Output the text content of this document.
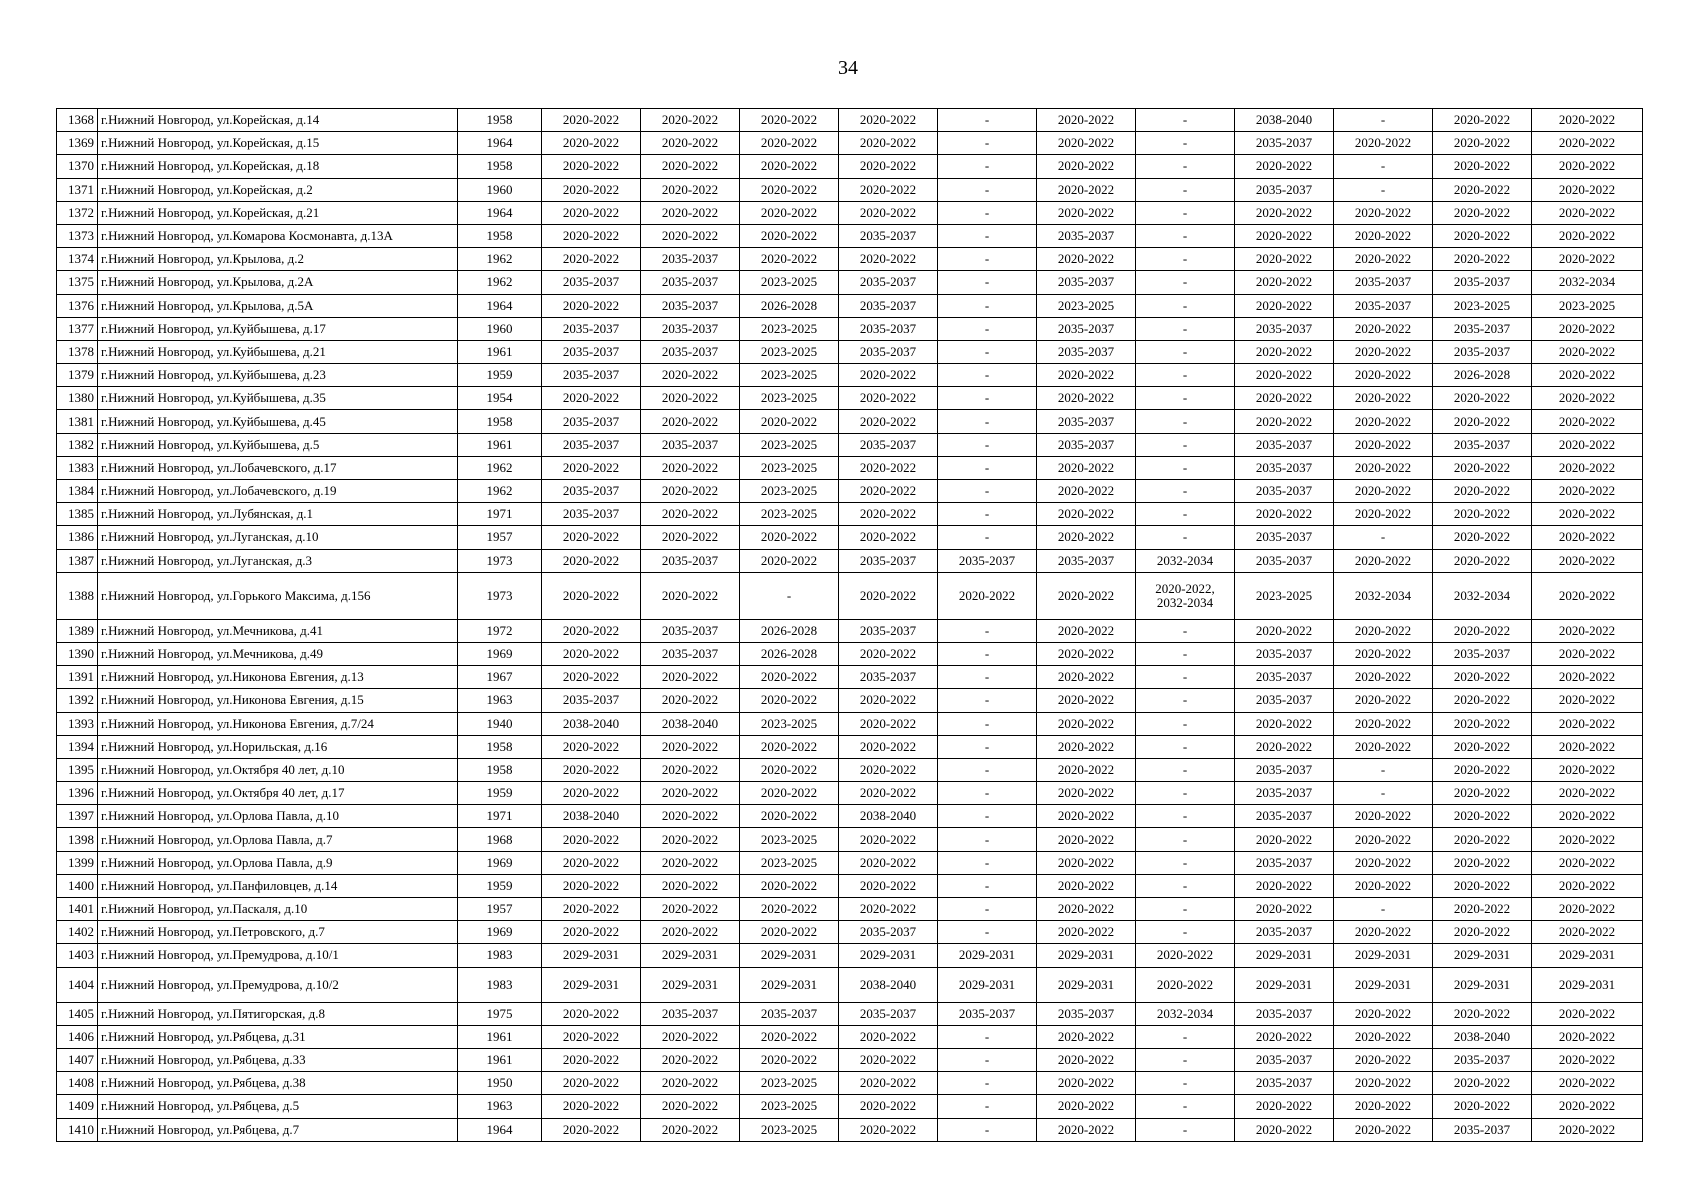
34
1368	г.Нижний Новгород, ул.Корейская, д.14	1958	2020-2022	2020-2022	2020-2022	2020-2022	-	2020-2022	-	2038-2040	-	2020-2022	2020-2022
1369	г.Нижний Новгород, ул.Корейская, д.15	1964	2020-2022	2020-2022	2020-2022	2020-2022	-	2020-2022	-	2035-2037	2020-2022	2020-2022	2020-2022
1370	г.Нижний Новгород, ул.Корейская, д.18	1958	2020-2022	2020-2022	2020-2022	2020-2022	-	2020-2022	-	2020-2022	-	2020-2022	2020-2022
1371	г.Нижний Новгород, ул.Корейская, д.2	1960	2020-2022	2020-2022	2020-2022	2020-2022	-	2020-2022	-	2035-2037	-	2020-2022	2020-2022
1372	г.Нижний Новгород, ул.Корейская, д.21	1964	2020-2022	2020-2022	2020-2022	2020-2022	-	2020-2022	-	2020-2022	2020-2022	2020-2022	2020-2022
1373	г.Нижний Новгород, ул.Комарова Космонавта, д.13А	1958	2020-2022	2020-2022	2020-2022	2035-2037	-	2035-2037	-	2020-2022	2020-2022	2020-2022	2020-2022
1374	г.Нижний Новгород, ул.Крылова, д.2	1962	2020-2022	2035-2037	2020-2022	2020-2022	-	2020-2022	-	2020-2022	2020-2022	2020-2022	2020-2022
1375	г.Нижний Новгород, ул.Крылова, д.2А	1962	2035-2037	2035-2037	2023-2025	2035-2037	-	2035-2037	-	2020-2022	2035-2037	2035-2037	2032-2034
1376	г.Нижний Новгород, ул.Крылова, д.5А	1964	2020-2022	2035-2037	2026-2028	2035-2037	-	2023-2025	-	2020-2022	2035-2037	2023-2025	2023-2025
1377	г.Нижний Новгород, ул.Куйбышева, д.17	1960	2035-2037	2035-2037	2023-2025	2035-2037	-	2035-2037	-	2035-2037	2020-2022	2035-2037	2020-2022
1378	г.Нижний Новгород, ул.Куйбышева, д.21	1961	2035-2037	2035-2037	2023-2025	2035-2037	-	2035-2037	-	2020-2022	2020-2022	2035-2037	2020-2022
1379	г.Нижний Новгород, ул.Куйбышева, д.23	1959	2035-2037	2020-2022	2023-2025	2020-2022	-	2020-2022	-	2020-2022	2020-2022	2026-2028	2020-2022
1380	г.Нижний Новгород, ул.Куйбышева, д.35	1954	2020-2022	2020-2022	2023-2025	2020-2022	-	2020-2022	-	2020-2022	2020-2022	2020-2022	2020-2022
1381	г.Нижний Новгород, ул.Куйбышева, д.45	1958	2035-2037	2020-2022	2020-2022	2020-2022	-	2035-2037	-	2020-2022	2020-2022	2020-2022	2020-2022
1382	г.Нижний Новгород, ул.Куйбышева, д.5	1961	2035-2037	2035-2037	2023-2025	2035-2037	-	2035-2037	-	2035-2037	2020-2022	2035-2037	2020-2022
1383	г.Нижний Новгород, ул.Лобачевского, д.17	1962	2020-2022	2020-2022	2023-2025	2020-2022	-	2020-2022	-	2035-2037	2020-2022	2020-2022	2020-2022
1384	г.Нижний Новгород, ул.Лобачевского, д.19	1962	2035-2037	2020-2022	2023-2025	2020-2022	-	2020-2022	-	2035-2037	2020-2022	2020-2022	2020-2022
1385	г.Нижний Новгород, ул.Лубянская, д.1	1971	2035-2037	2020-2022	2023-2025	2020-2022	-	2020-2022	-	2020-2022	2020-2022	2020-2022	2020-2022
1386	г.Нижний Новгород, ул.Луганская, д.10	1957	2020-2022	2020-2022	2020-2022	2020-2022	-	2020-2022	-	2035-2037	-	2020-2022	2020-2022
1387	г.Нижний Новгород, ул.Луганская, д.3	1973	2020-2022	2035-2037	2020-2022	2035-2037	2035-2037	2035-2037	2032-2034	2035-2037	2020-2022	2020-2022	2020-2022
1388	г.Нижний Новгород, ул.Горького Максима, д.156	1973	2020-2022	2020-2022	-	2020-2022	2020-2022	2020-2022	2020-2022, 2032-2034	2023-2025	2032-2034	2032-2034	2020-2022
1389	г.Нижний Новгород, ул.Мечникова, д.41	1972	2020-2022	2035-2037	2026-2028	2035-2037	-	2020-2022	-	2020-2022	2020-2022	2020-2022	2020-2022
1390	г.Нижний Новгород, ул.Мечникова, д.49	1969	2020-2022	2035-2037	2026-2028	2020-2022	-	2020-2022	-	2035-2037	2020-2022	2035-2037	2020-2022
1391	г.Нижний Новгород, ул.Никонова Евгения, д.13	1967	2020-2022	2020-2022	2020-2022	2035-2037	-	2020-2022	-	2035-2037	2020-2022	2020-2022	2020-2022
1392	г.Нижний Новгород, ул.Никонова Евгения, д.15	1963	2035-2037	2020-2022	2020-2022	2020-2022	-	2020-2022	-	2035-2037	2020-2022	2020-2022	2020-2022
1393	г.Нижний Новгород, ул.Никонова Евгения, д.7/24	1940	2038-2040	2038-2040	2023-2025	2020-2022	-	2020-2022	-	2020-2022	2020-2022	2020-2022	2020-2022
1394	г.Нижний Новгород, ул.Норильская, д.16	1958	2020-2022	2020-2022	2020-2022	2020-2022	-	2020-2022	-	2020-2022	2020-2022	2020-2022	2020-2022
1395	г.Нижний Новгород, ул.Октября 40 лет, д.10	1958	2020-2022	2020-2022	2020-2022	2020-2022	-	2020-2022	-	2035-2037	-	2020-2022	2020-2022
1396	г.Нижний Новгород, ул.Октября 40 лет, д.17	1959	2020-2022	2020-2022	2020-2022	2020-2022	-	2020-2022	-	2035-2037	-	2020-2022	2020-2022
1397	г.Нижний Новгород, ул.Орлова Павла, д.10	1971	2038-2040	2020-2022	2020-2022	2038-2040	-	2020-2022	-	2035-2037	2020-2022	2020-2022	2020-2022
1398	г.Нижний Новгород, ул.Орлова Павла, д.7	1968	2020-2022	2020-2022	2023-2025	2020-2022	-	2020-2022	-	2020-2022	2020-2022	2020-2022	2020-2022
1399	г.Нижний Новгород, ул.Орлова Павла, д.9	1969	2020-2022	2020-2022	2023-2025	2020-2022	-	2020-2022	-	2035-2037	2020-2022	2020-2022	2020-2022
1400	г.Нижний Новгород, ул.Панфиловцев, д.14	1959	2020-2022	2020-2022	2020-2022	2020-2022	-	2020-2022	-	2020-2022	2020-2022	2020-2022	2020-2022
1401	г.Нижний Новгород, ул.Паскаля, д.10	1957	2020-2022	2020-2022	2020-2022	2020-2022	-	2020-2022	-	2020-2022	-	2020-2022	2020-2022
1402	г.Нижний Новгород, ул.Петровского, д.7	1969	2020-2022	2020-2022	2020-2022	2035-2037	-	2020-2022	-	2035-2037	2020-2022	2020-2022	2020-2022
1403	г.Нижний Новгород, ул.Премудрова, д.10/1	1983	2029-2031	2029-2031	2029-2031	2029-2031	2029-2031	2029-2031	2020-2022	2029-2031	2029-2031	2029-2031	2029-2031
1404	г.Нижний Новгород, ул.Премудрова, д.10/2	1983	2029-2031	2029-2031	2029-2031	2038-2040	2029-2031	2029-2031	2020-2022	2029-2031	2029-2031	2029-2031	2029-2031
1405	г.Нижний Новгород, ул.Пятигорская, д.8	1975	2020-2022	2035-2037	2035-2037	2035-2037	2035-2037	2035-2037	2032-2034	2035-2037	2020-2022	2020-2022	2020-2022
1406	г.Нижний Новгород, ул.Рябцева, д.31	1961	2020-2022	2020-2022	2020-2022	2020-2022	-	2020-2022	-	2020-2022	2020-2022	2038-2040	2020-2022
1407	г.Нижний Новгород, ул.Рябцева, д.33	1961	2020-2022	2020-2022	2020-2022	2020-2022	-	2020-2022	-	2035-2037	2020-2022	2035-2037	2020-2022
1408	г.Нижний Новгород, ул.Рябцева, д.38	1950	2020-2022	2020-2022	2023-2025	2020-2022	-	2020-2022	-	2035-2037	2020-2022	2020-2022	2020-2022
1409	г.Нижний Новгород, ул.Рябцева, д.5	1963	2020-2022	2020-2022	2023-2025	2020-2022	-	2020-2022	-	2020-2022	2020-2022	2020-2022	2020-2022
1410	г.Нижний Новгород, ул.Рябцева, д.7	1964	2020-2022	2020-2022	2023-2025	2020-2022	-	2020-2022	-	2020-2022	2020-2022	2035-2037	2020-2022
